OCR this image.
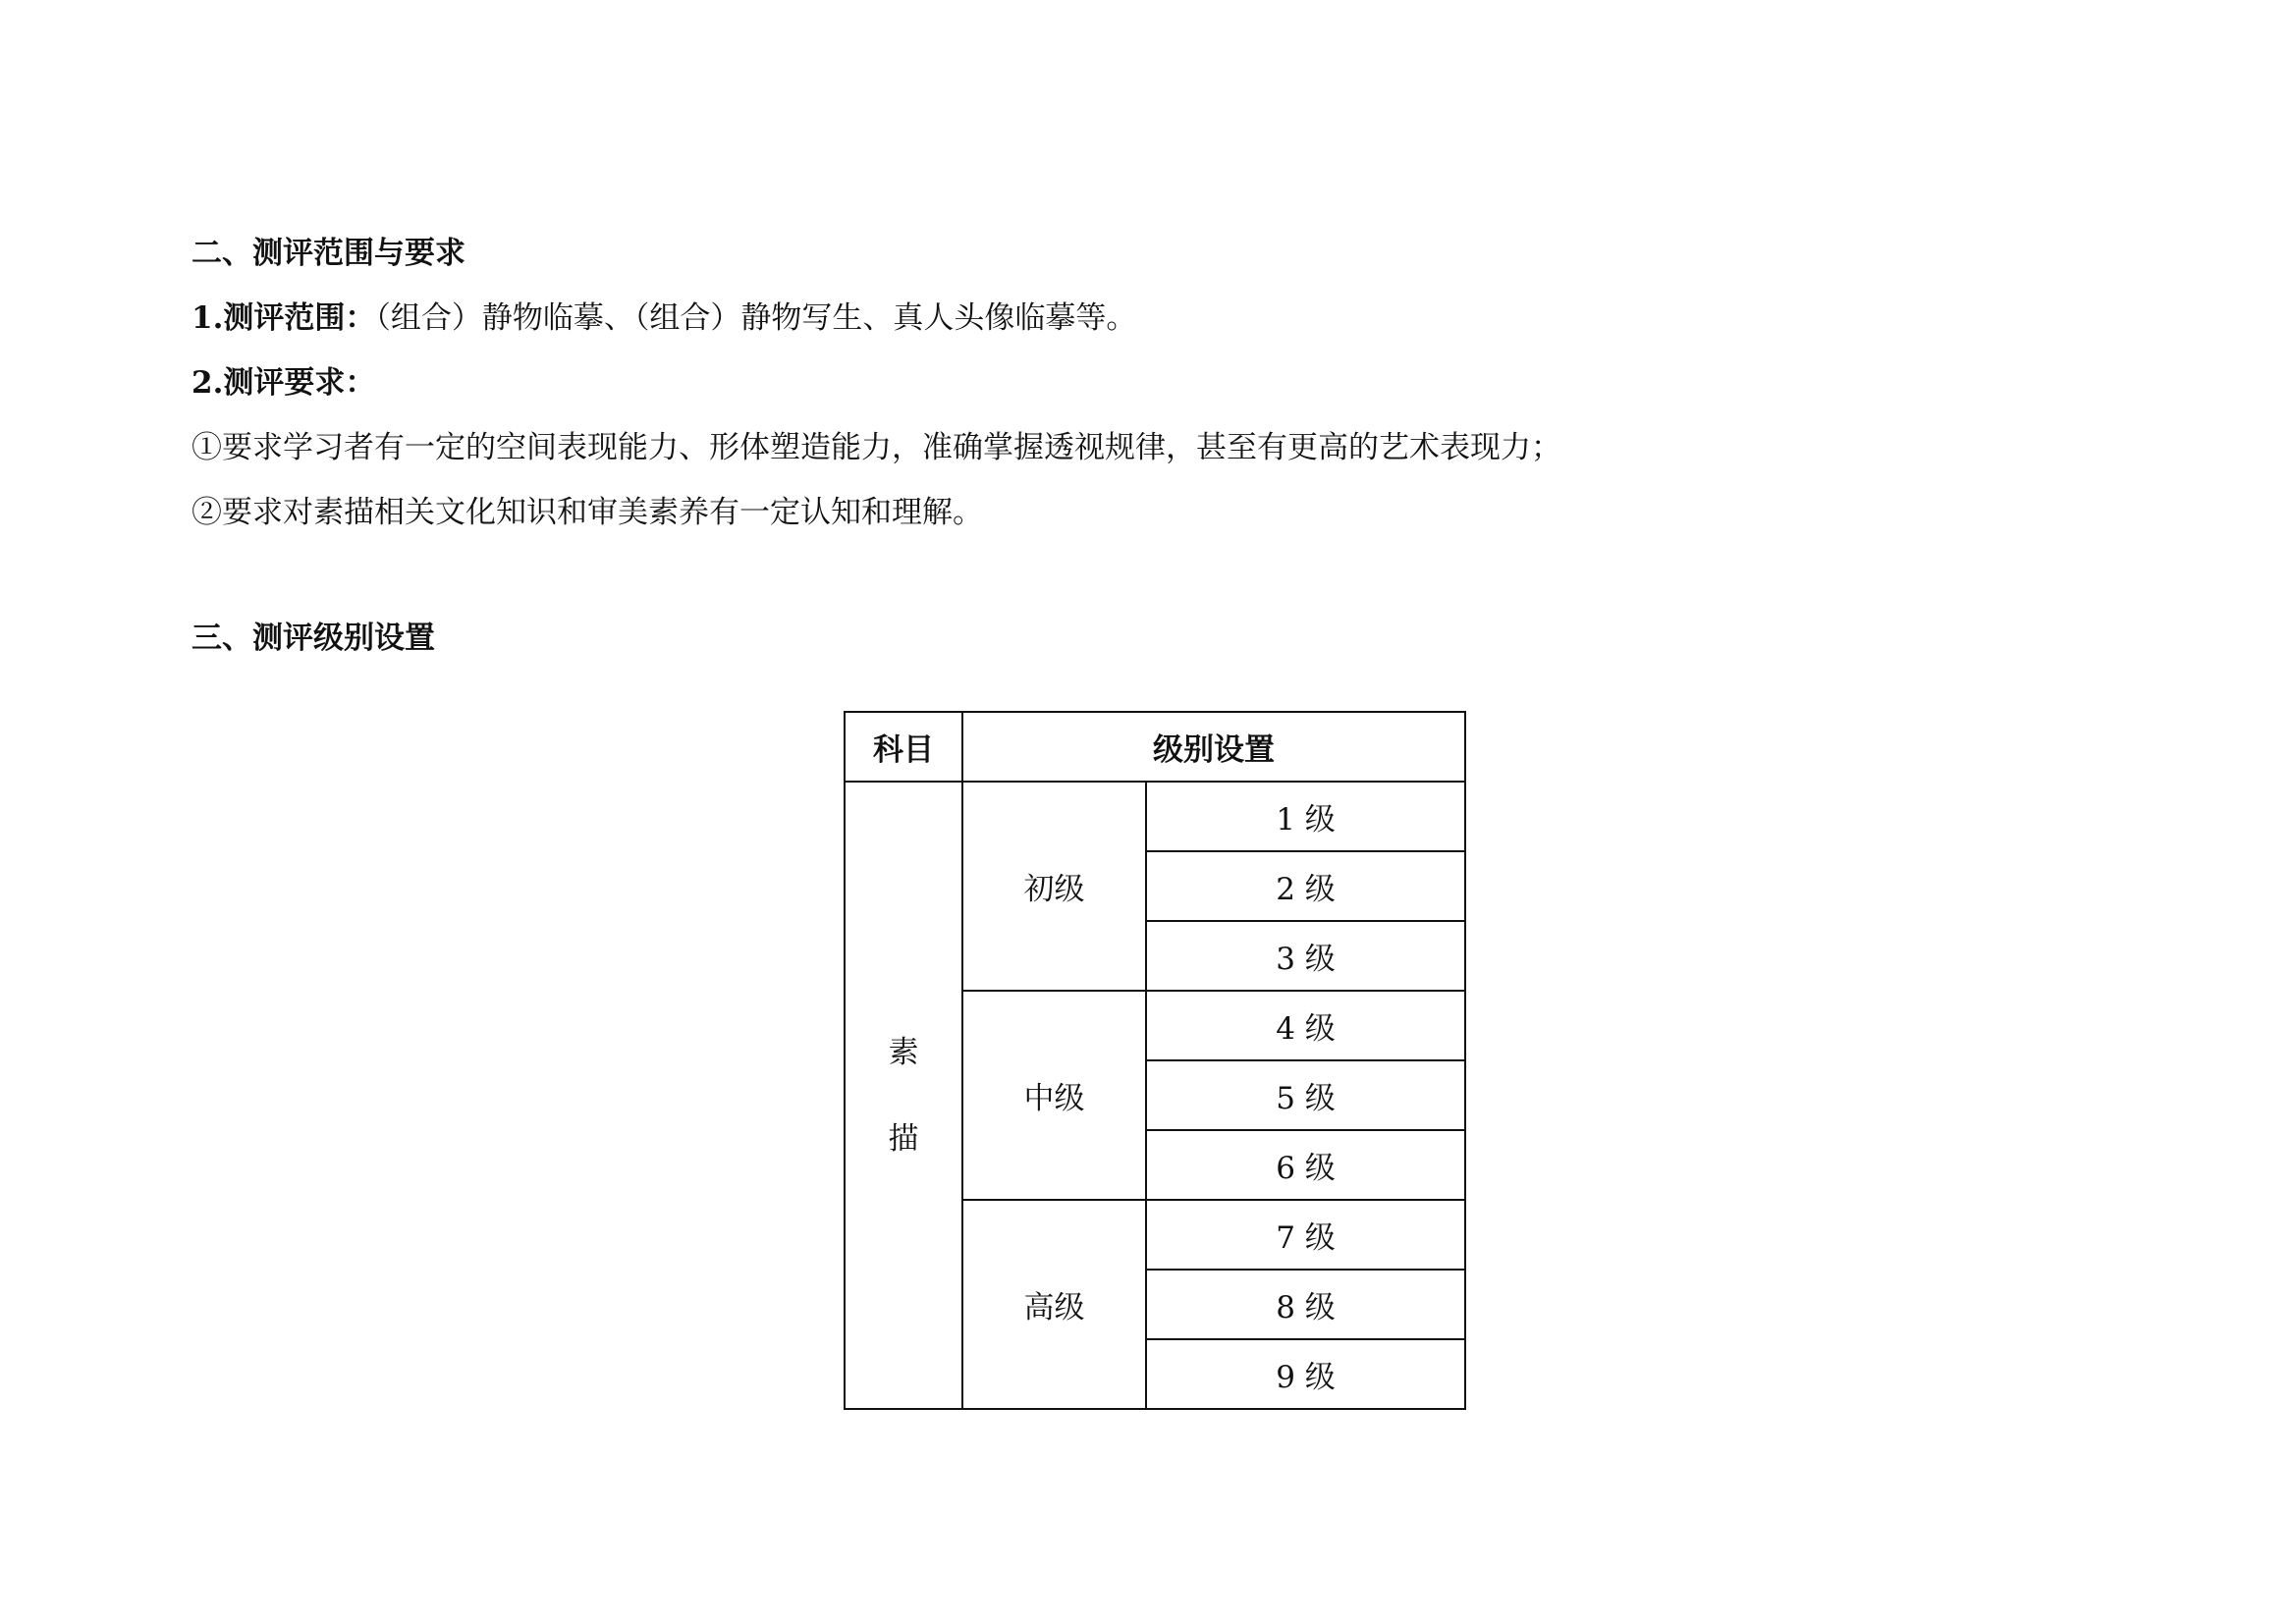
二、测评范围与要求
1.测评范围：（组合）静物临摹、（组合）静物写生、真人头像临摹等。
2.测评要求：
①要求学习者有一定的空间表现能力、形体塑造能力，准确掌握透视规律，甚至有更高的艺术表现力；
②要求对素描相关文化知识和审美素养有一定认知和理解。
三、测评级别设置
科目	级别设置	

素
描	初级	1 级
		2 级
		3 级
	中级	4 级
		5 级
		6 级
	高级	7 级
		8 级
		9 级
